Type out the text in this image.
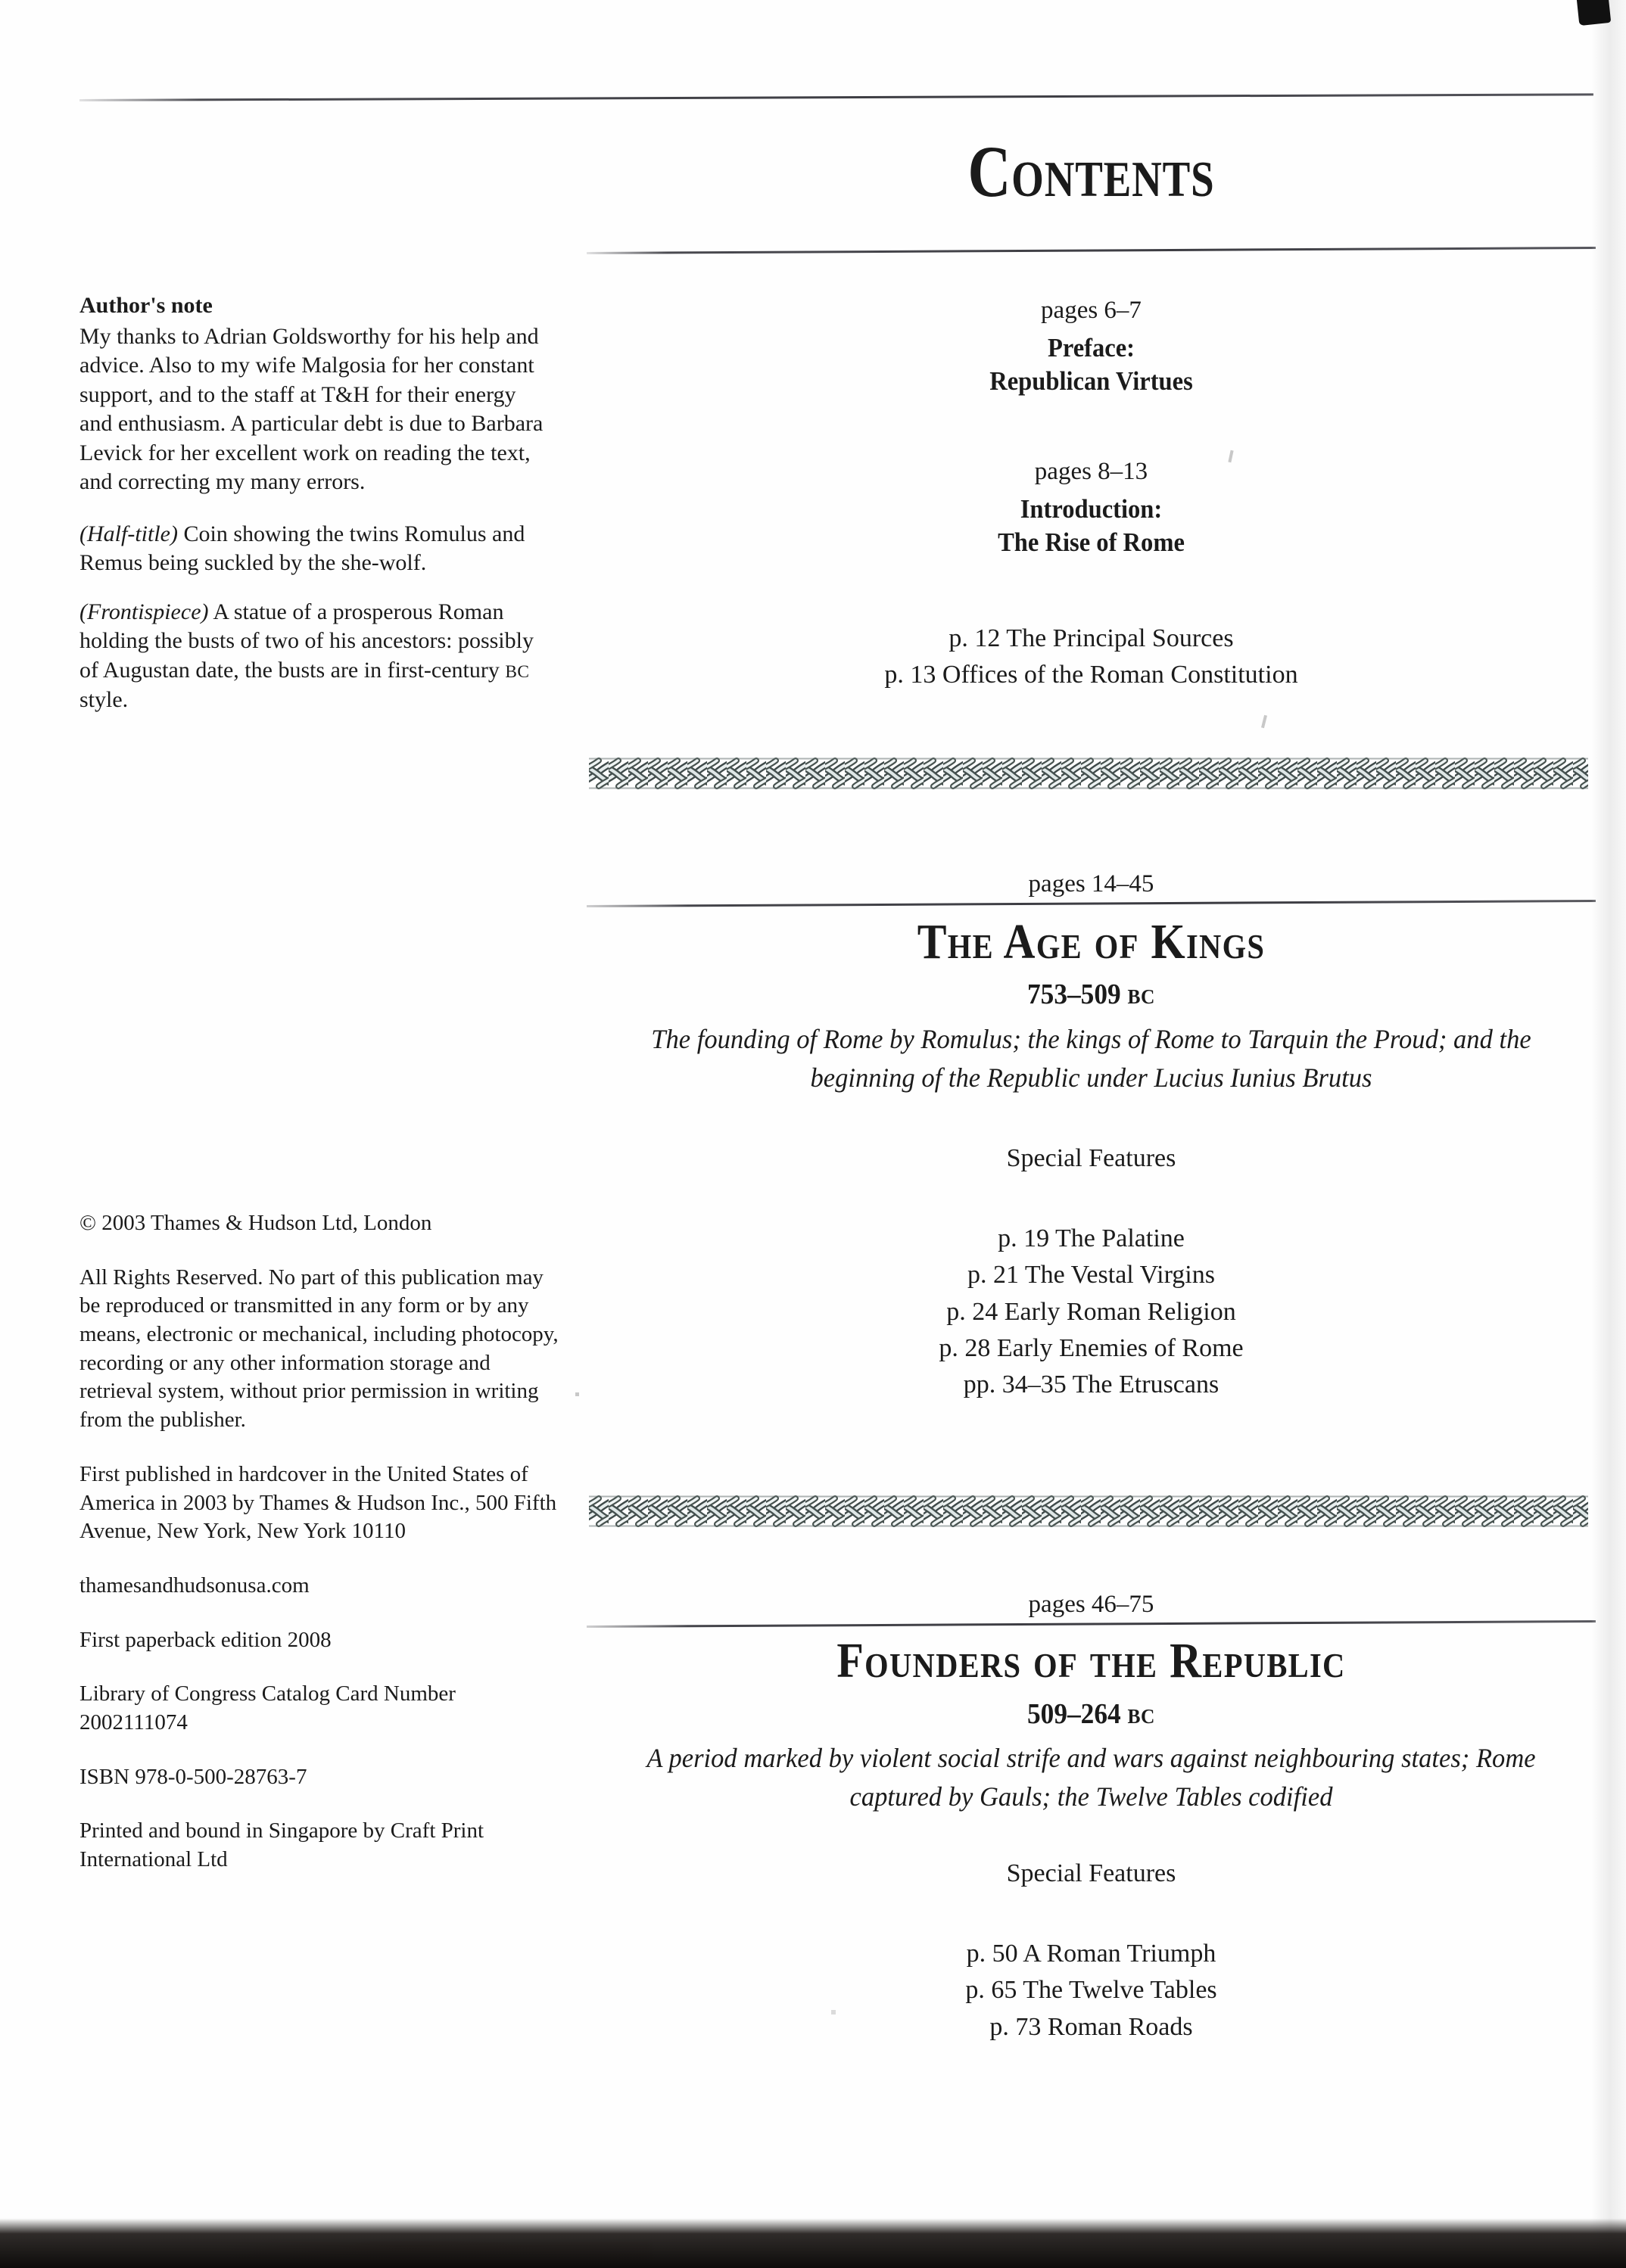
Author's note

My thanks to Adrian Goldsworthy for his help and advice. Also to my wife Malgosia for her constant support, and to the staff at T&H for their energy and enthusiasm. A particular debt is due to Barbara Levick for her excellent work on reading the text, and correcting my many errors.

(Half-title) Coin showing the twins Romulus and Remus being suckled by the she-wolf.

(Frontispiece) A statue of a prosperous Roman holding the busts of two of his ancestors: possibly of Augustan date, the busts are in first-century BC style.

© 2003 Thames & Hudson Ltd, London

All Rights Reserved. No part of this publication may be reproduced or transmitted in any form or by any means, electronic or mechanical, including photocopy, recording or any other information storage and retrieval system, without prior permission in writing from the publisher.

First published in hardcover in the United States of America in 2003 by Thames & Hudson Inc., 500 Fifth Avenue, New York, New York 10110

thamesandhudsonusa.com

First paperback edition 2008

Library of Congress Catalog Card Number 2002111074

ISBN 978-0-500-28763-7

Printed and bound in Singapore by Craft Print International Ltd

Contents
pages 6–7
Preface:
Republican Virtues
pages 8–13
Introduction:
The Rise of Rome
p. 12 The Principal Sources
p. 13 Offices of the Roman Constitution
pages 14–45
The Age of Kings
753–509 BC
The founding of Rome by Romulus; the kings of Rome to Tarquin the Proud; and the beginning of the Republic under Lucius Iunius Brutus
Special Features
p. 19 The Palatine
p. 21 The Vestal Virgins
p. 24 Early Roman Religion
p. 28 Early Enemies of Rome
pp. 34–35 The Etruscans
pages 46–75
Founders of the Republic
509–264 BC
A period marked by violent social strife and wars against neighbouring states; Rome captured by Gauls; the Twelve Tables codified
Special Features
p. 50 A Roman Triumph
p. 65 The Twelve Tables
p. 73 Roman Roads
